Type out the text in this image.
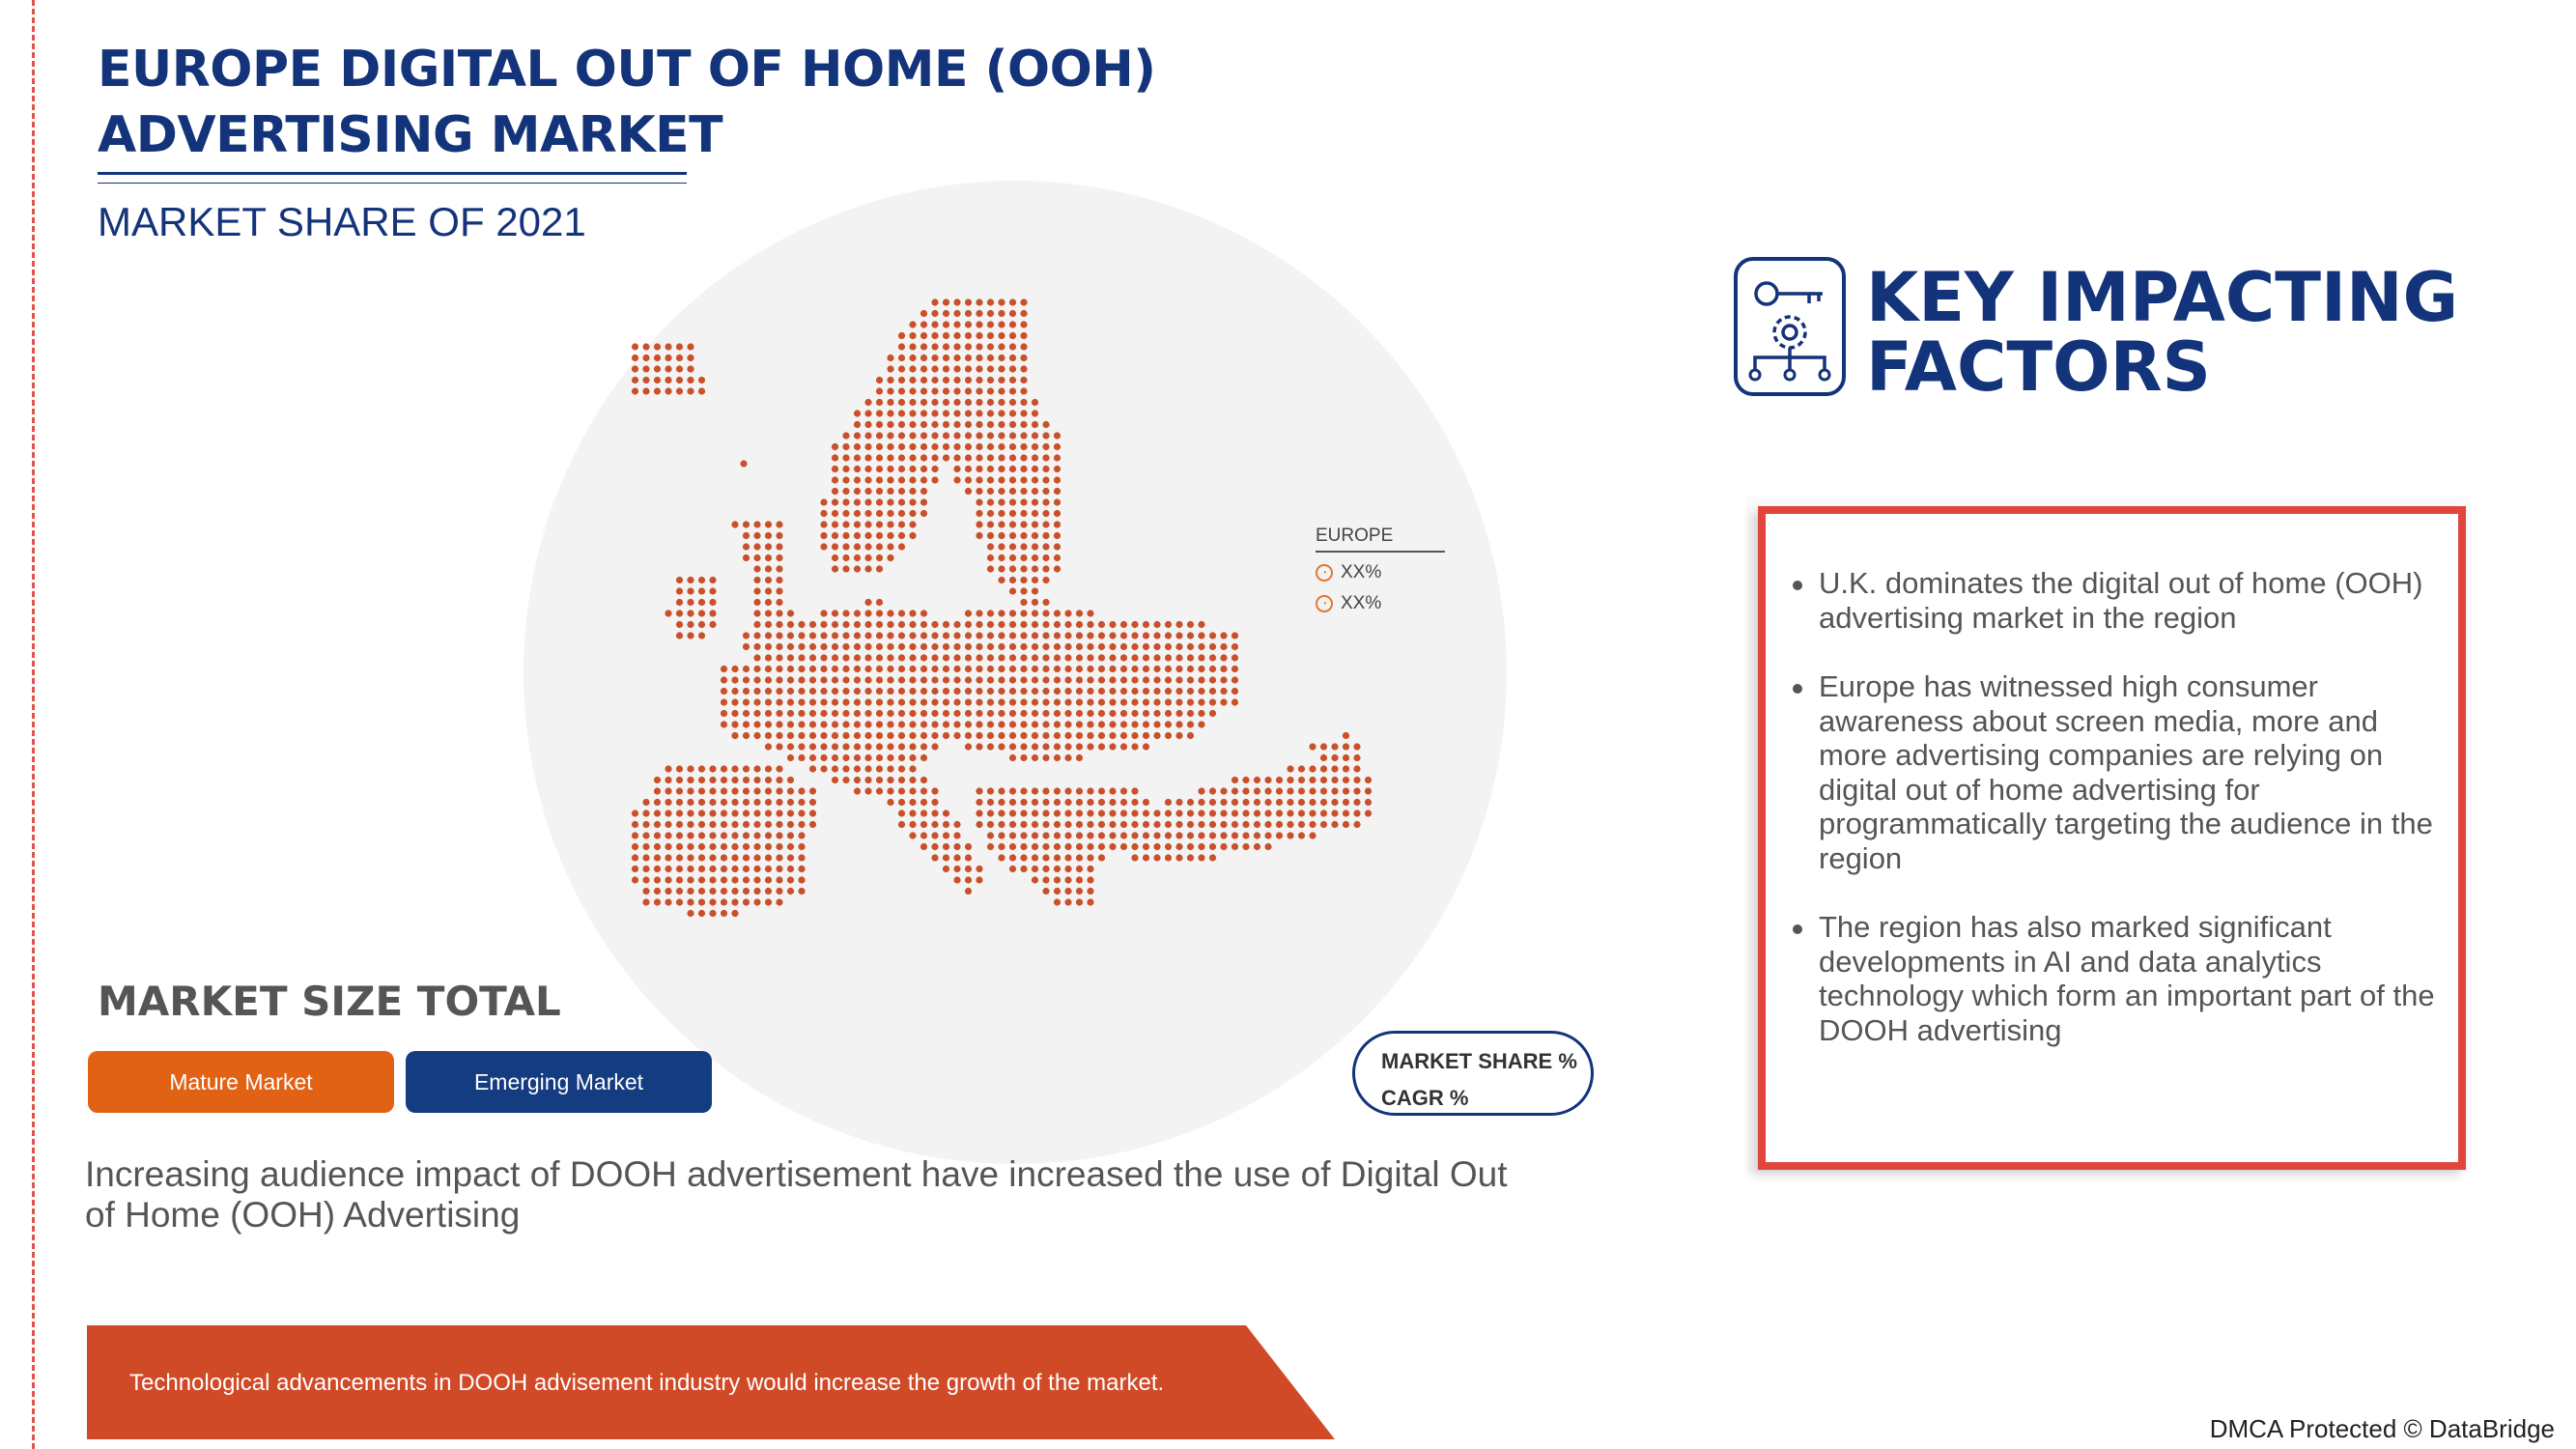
EUROPE DIGITAL OUT OF HOME (OOH) ADVERTISING MARKET
MARKET SHARE OF 2021
EUROPE
◔ XX%
◔ XX%
MARKET SIZE TOTAL
Mature Market	Emerging Market
MARKET SHARE %
CAGR %
Increasing audience impact of DOOH advertisement have increased the use of Digital Out of Home (OOH) Advertising
Technological advancements in DOOH advisement industry would increase the growth of the market.
KEY IMPACTING
FACTORS
U.K. dominates the digital out of home (OOH) advertising market in the region
Europe has witnessed high consumer awareness about screen media, more and more advertising companies are relying on digital out of home advertising for programmatically targeting the audience in the region
The region has also marked significant developments in AI and data analytics technology which form an important part of the DOOH advertising
DMCA Protected © DataBridge
